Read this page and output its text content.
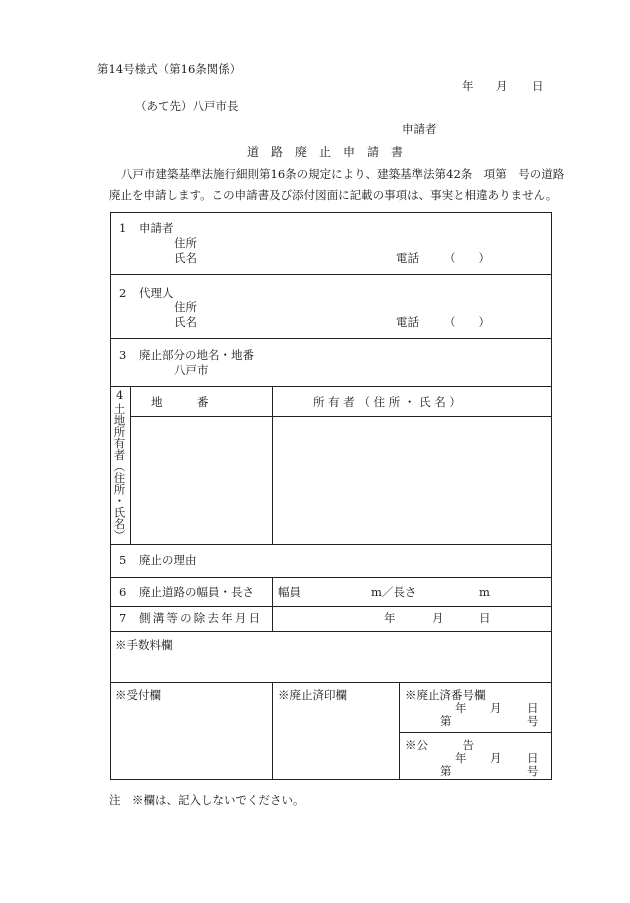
第14号様式（第16条関係）
年 月 日
（あて先）八戸市長
申請者
道　路　廃　止　申　請　書
八戸市建築基準法施行細則第16条の規定により、建築基準法第42条　項第　号の道路
廃止を申請します。この申請書及び添付図面に記載の事項は、事実と相違ありません。
1 申請者
住所
氏名	電話 （　　）
2 代理人
住所
氏名	電話 （　　）
3 廃止部分の地名・地番
八戸市
4
土地所有者（住所・氏名）
地　　　番	所 有 者 （ 住 所 ・ 氏 名 ）
5 廃止の理由
6 廃止道路の幅員・長さ 幅員	m／長さ	m
7 側溝等の除去年月日	年	月	日
※手数料欄
※受付欄	※廃止済印欄	※廃止済番号欄
年 月 日
第	号
※公　　　告
年 月 日
第	号
注　※欄は、記入しないでください。
